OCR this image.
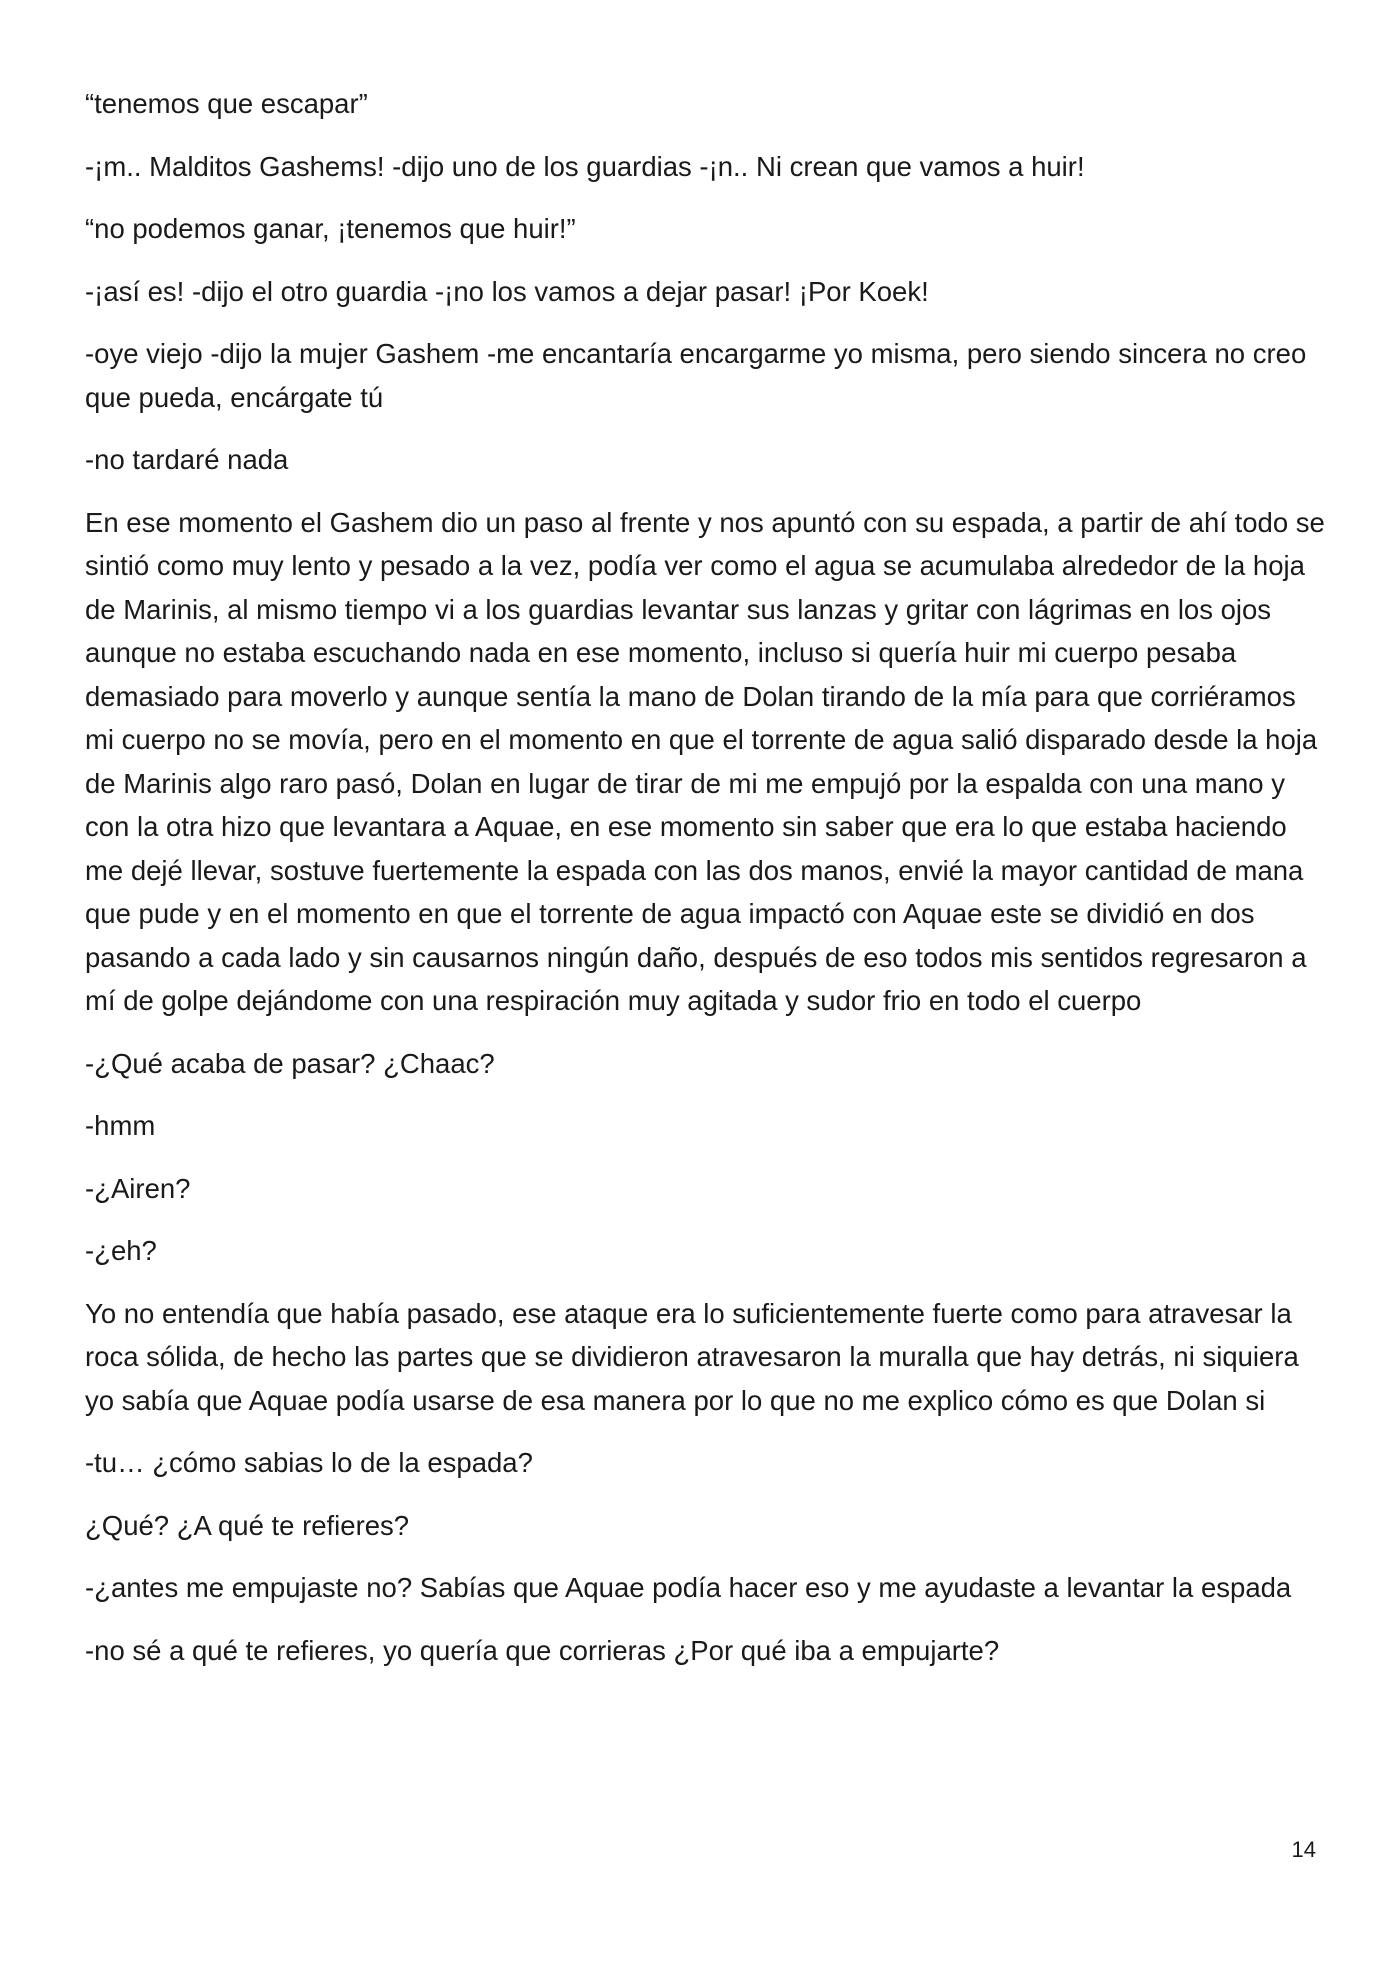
“tenemos que escapar”

-¡m.. Malditos Gashems! -dijo uno de los guardias -¡n.. Ni crean que vamos a huir!

“no podemos ganar, ¡tenemos que huir!”

-¡así es! -dijo el otro guardia -¡no los vamos a dejar pasar! ¡Por Koek!

-oye viejo -dijo la mujer Gashem -me encantaría encargarme yo misma, pero siendo sincera no creo que pueda, encárgate tú

-no tardaré nada

En ese momento el Gashem dio un paso al frente y nos apuntó con su espada, a partir de ahí todo se sintió como muy lento y pesado a la vez, podía ver como el agua se acumulaba alrededor de la hoja de Marinis, al mismo tiempo vi a los guardias levantar sus lanzas y gritar con lágrimas en los ojos aunque no estaba escuchando nada en ese momento, incluso si quería huir mi cuerpo pesaba demasiado para moverlo y aunque sentía la mano de Dolan tirando de la mía para que corriéramos mi cuerpo no se movía, pero en el momento en que el torrente de agua salió disparado desde la hoja de Marinis algo raro pasó, Dolan en lugar de tirar de mi me empujó por la espalda con una mano y con la otra hizo que levantara a Aquae, en ese momento sin saber que era lo que estaba haciendo me dejé llevar, sostuve fuertemente la espada con las dos manos, envié la mayor cantidad de mana que pude y en el momento en que el torrente de agua impactó con Aquae este se dividió en dos pasando a cada lado y sin causarnos ningún daño, después de eso todos mis sentidos regresaron a mí de golpe dejándome con una respiración muy agitada y sudor frio en todo el cuerpo

-¿Qué acaba de pasar? ¿Chaac?

-hmm

-¿Airen?

-¿eh?

Yo no entendía que había pasado, ese ataque era lo suficientemente fuerte como para atravesar la roca sólida, de hecho las partes que se dividieron atravesaron la muralla que hay detrás, ni siquiera yo sabía que Aquae podía usarse de esa manera por lo que no me explico cómo es que Dolan si

-tu… ¿cómo sabias lo de la espada?

¿Qué? ¿A qué te refieres?

-¿antes me empujaste no? Sabías que Aquae podía hacer eso y me ayudaste a levantar la espada

-no sé a qué te refieres, yo quería que corrieras ¿Por qué iba a empujarte?

14
